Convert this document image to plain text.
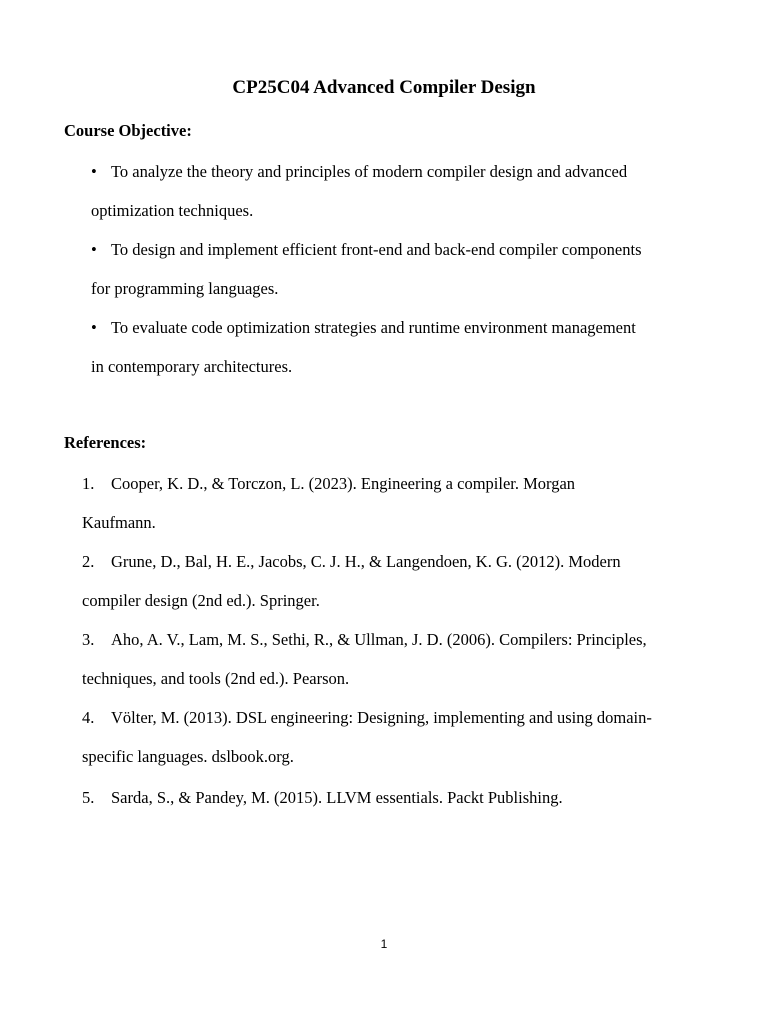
CP25C04 Advanced Compiler Design
Course Objective:
• To analyze the theory and principles of modern compiler design and advanced
optimization techniques.
• To design and implement efficient front-end and back-end compiler components
for programming languages.
• To evaluate code optimization strategies and runtime environment management
in contemporary architectures.
References:
1. Cooper, K. D., & Torczon, L. (2023). Engineering a compiler. Morgan
Kaufmann.
2. Grune, D., Bal, H. E., Jacobs, C. J. H., & Langendoen, K. G. (2012). Modern
compiler design (2nd ed.). Springer.
3. Aho, A. V., Lam, M. S., Sethi, R., & Ullman, J. D. (2006). Compilers: Principles,
techniques, and tools (2nd ed.). Pearson.
4. Völter, M. (2013). DSL engineering: Designing, implementing and using domain-
specific languages. dslbook.org.
5. Sarda, S., & Pandey, M. (2015). LLVM essentials. Packt Publishing.

1
